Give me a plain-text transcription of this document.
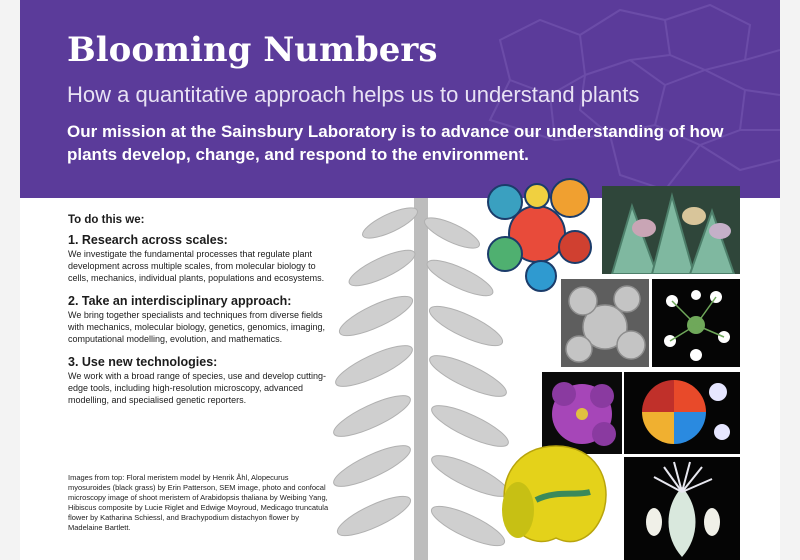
Blooming Numbers
How a quantitative approach helps us to understand plants
Our mission at the Sainsbury Laboratory is to advance our understanding of how plants develop, change, and respond to the environment.
To do this we:
1. Research across scales:
We investigate the fundamental processes that regulate plant development across multiple scales, from molecular biology to cells, mechanics, individual plants, populations and ecosystems.
2. Take an interdisciplinary approach:
We bring together specialists and techniques from diverse fields with mechanics, molecular biology, genetics, genomics, imaging, computational modelling, evolution, and mathematics.
3. Use new technologies:
We work with a broad range of species, use and develop cutting-edge tools, including high-resolution microscopy, advanced modelling, and specialised genetic reporters.
Images from top: Floral meristem model by Henrik Åhl, Alopecurus myosuroides (black grass) by Erin Patterson, SEM image, photo and confocal microscopy image of shoot meristem of Arabidopsis thaliana by Weibing Yang, Hibiscus composite by Lucie Riglet and Edwige Moyroud, Medicago truncatula flower by Katharina Schiessl, and Brachypodium distachyon flower by Madelaine Bartlett.
